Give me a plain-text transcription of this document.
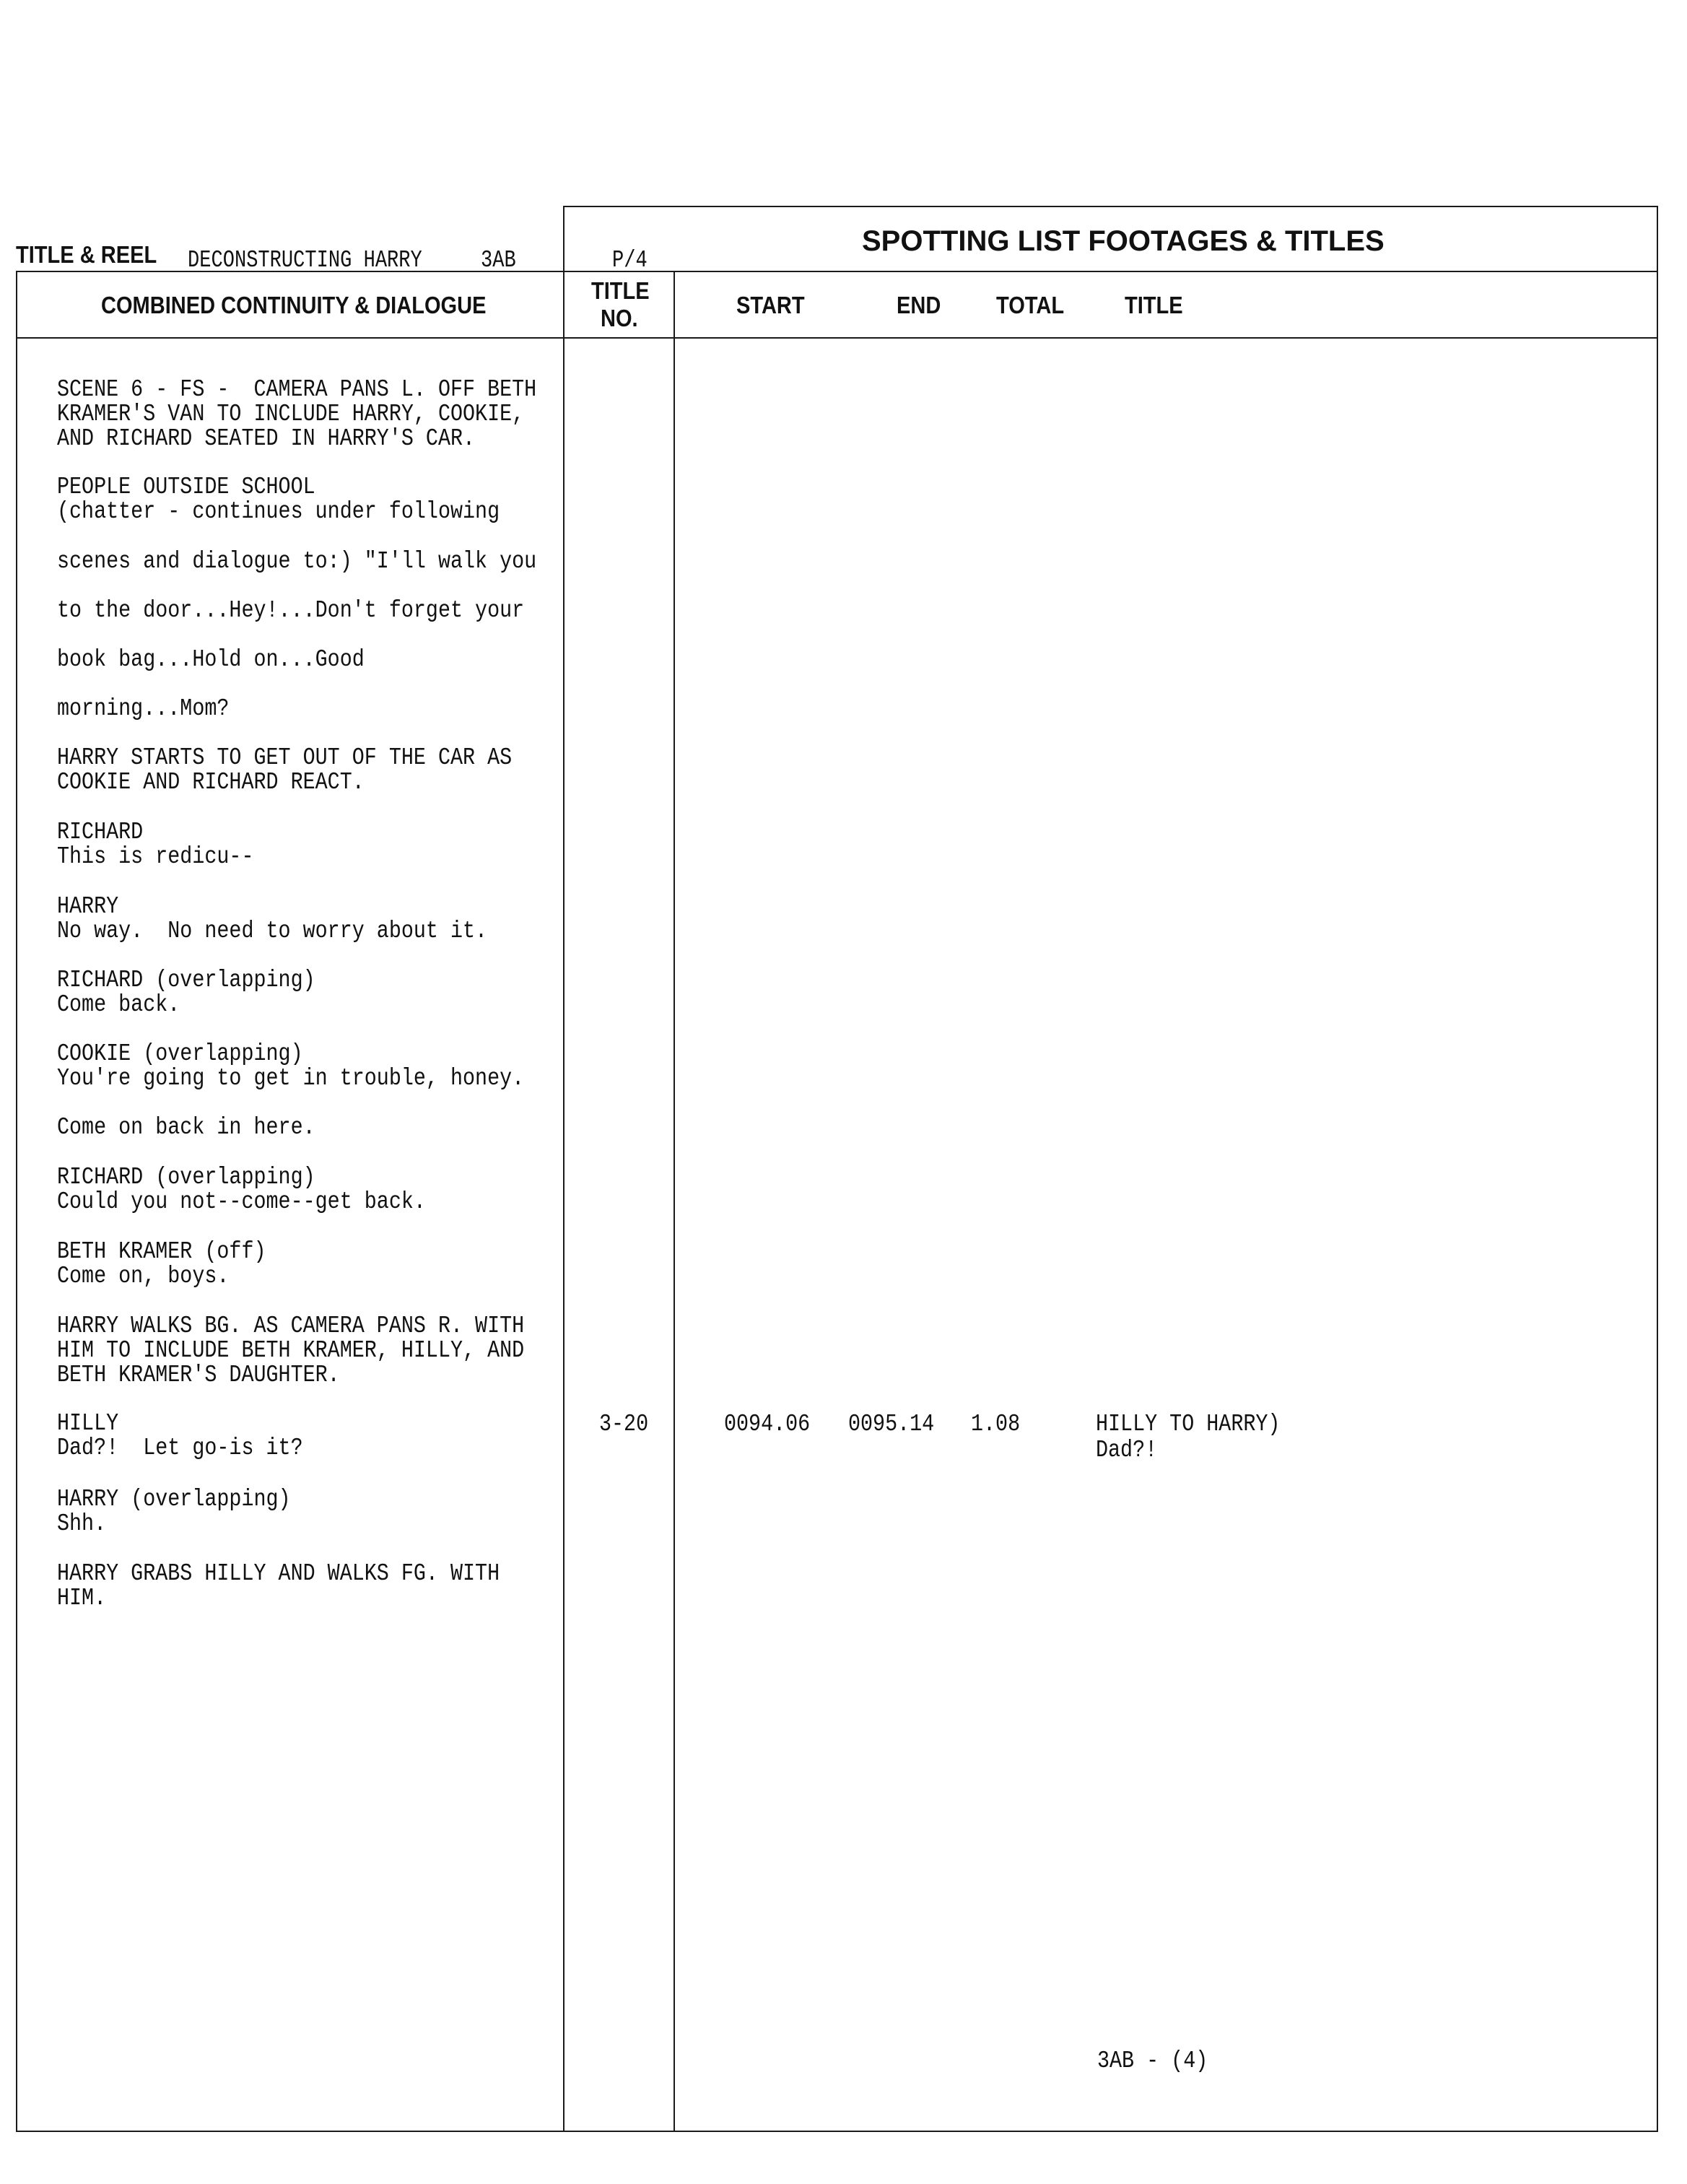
TITLE & REEL DECONSTRUCTING HARRY 3AB	P/4
SPOTTING LIST FOOTAGES & TITLES
COMBINED CONTINUITY & DIALOGUE
TITLE
NO.	START	END TOTAL	TITLE
SCENE 6 - FS -  CAMERA PANS L. OFF BETH
KRAMER'S VAN TO INCLUDE HARRY, COOKIE,
AND RICHARD SEATED IN HARRY'S CAR.
PEOPLE OUTSIDE SCHOOL
(chatter - continues under following
scenes and dialogue to:) "I'll walk you
to the door...Hey!...Don't forget your
book bag...Hold on...Good
morning...Mom?
HARRY STARTS TO GET OUT OF THE CAR AS
COOKIE AND RICHARD REACT.
RICHARD
This is redicu--
HARRY
No way.  No need to worry about it.
RICHARD (overlapping)
Come back.
COOKIE (overlapping)
You're going to get in trouble, honey.
Come on back in here.
RICHARD (overlapping)
Could you not--come--get back.
BETH KRAMER (off)
Come on, boys.
HARRY WALKS BG. AS CAMERA PANS R. WITH
HIM TO INCLUDE BETH KRAMER, HILLY, AND
BETH KRAMER'S DAUGHTER.
HILLY
Dad?!  Let go-is it?
HARRY (overlapping)
Shh.
HARRY GRABS HILLY AND WALKS FG. WITH
HIM.
3-20	0094.06 0095.14 1.08	HILLY TO HARRY)
Dad?!
3AB - (4)
